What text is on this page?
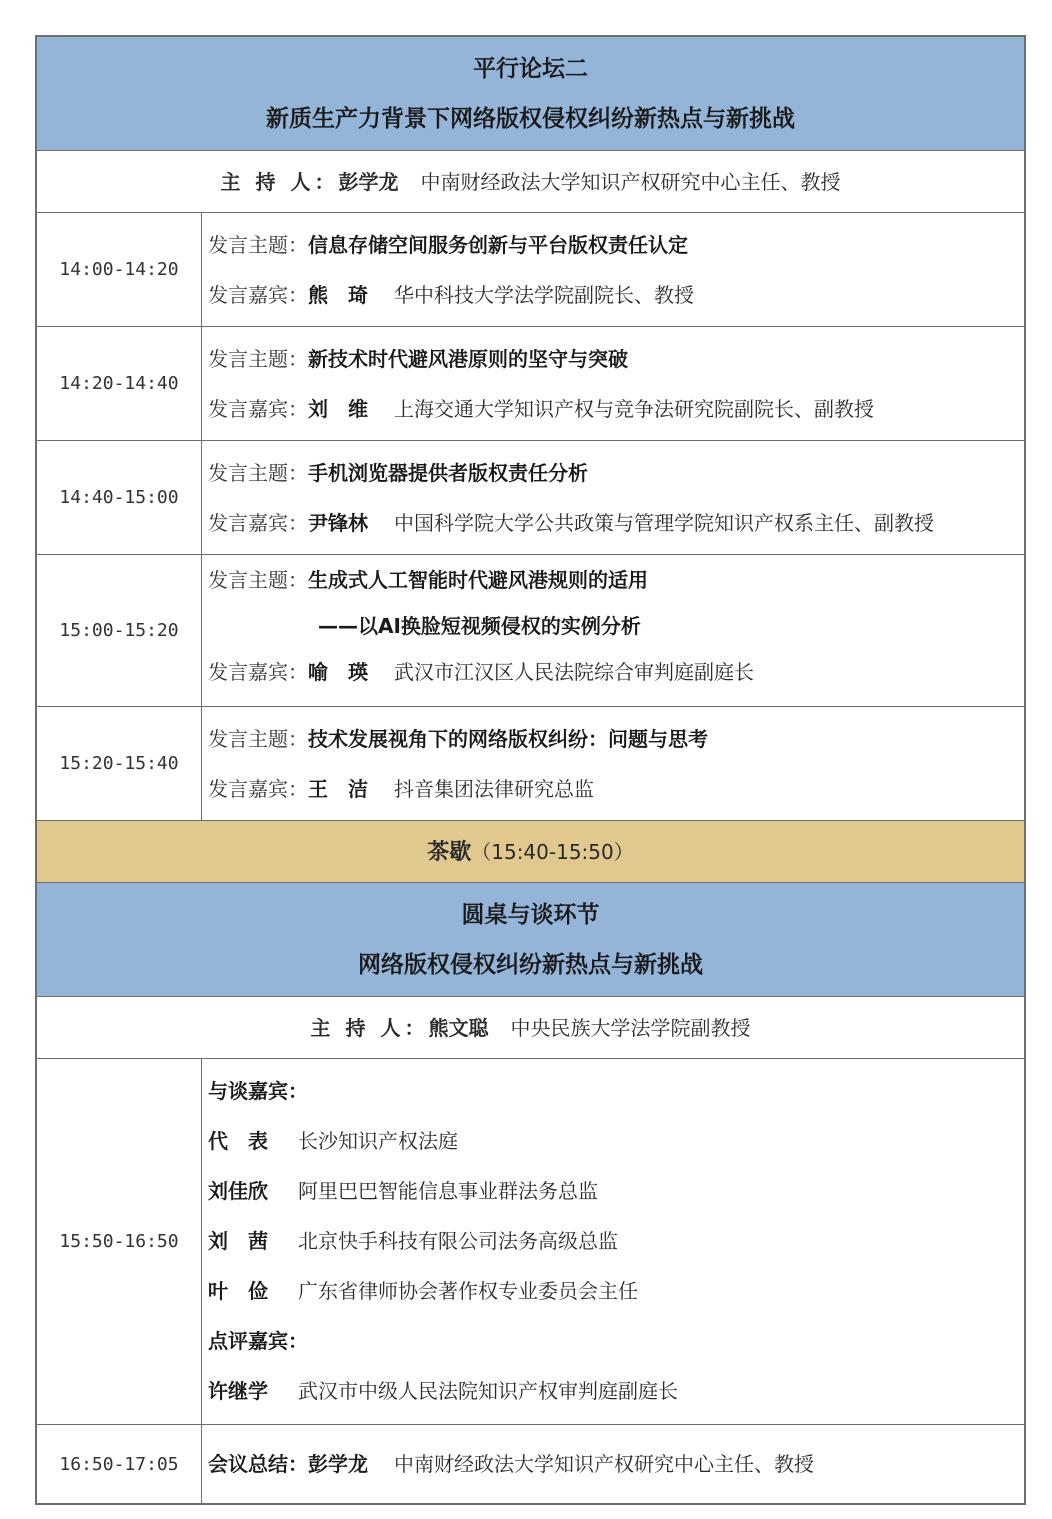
平行论坛二
新质生产力背景下网络版权侵权纠纷新热点与新挑战
主 持 人：彭学龙 中南财经政法大学知识产权研究中心主任、教授
14:00-14:20
发言主题：信息存储空间服务创新与平台版权责任认定
发言嘉宾：熊　琦 华中科技大学法学院副院长、教授
14:20-14:40
发言主题：新技术时代避风港原则的坚守与突破
发言嘉宾：刘　维 上海交通大学知识产权与竞争法研究院副院长、副教授
14:40-15:00
发言主题：手机浏览器提供者版权责任分析
发言嘉宾：尹锋林 中国科学院大学公共政策与管理学院知识产权系主任、副教授
15:00-15:20
发言主题：生成式人工智能时代避风港规则的适用
——以AI换脸短视频侵权的实例分析
发言嘉宾：喻　瑛 武汉市江汉区人民法院综合审判庭副庭长
15:20-15:40
发言主题：技术发展视角下的网络版权纠纷：问题与思考
发言嘉宾：王　洁 抖音集团法律研究总监
茶歇（15:40-15:50）
圆桌与谈环节
网络版权侵权纠纷新热点与新挑战
主 持 人：熊文聪 中央民族大学法学院副教授
15:50-16:50
与谈嘉宾：
代　表 长沙知识产权法庭
刘佳欣 阿里巴巴智能信息事业群法务总监
刘　茜 北京快手科技有限公司法务高级总监
叶　俭 广东省律师协会著作权专业委员会主任
点评嘉宾：
许继学 武汉市中级人民法院知识产权审判庭副庭长
16:50-17:05	会议总结：彭学龙 中南财经政法大学知识产权研究中心主任、教授
